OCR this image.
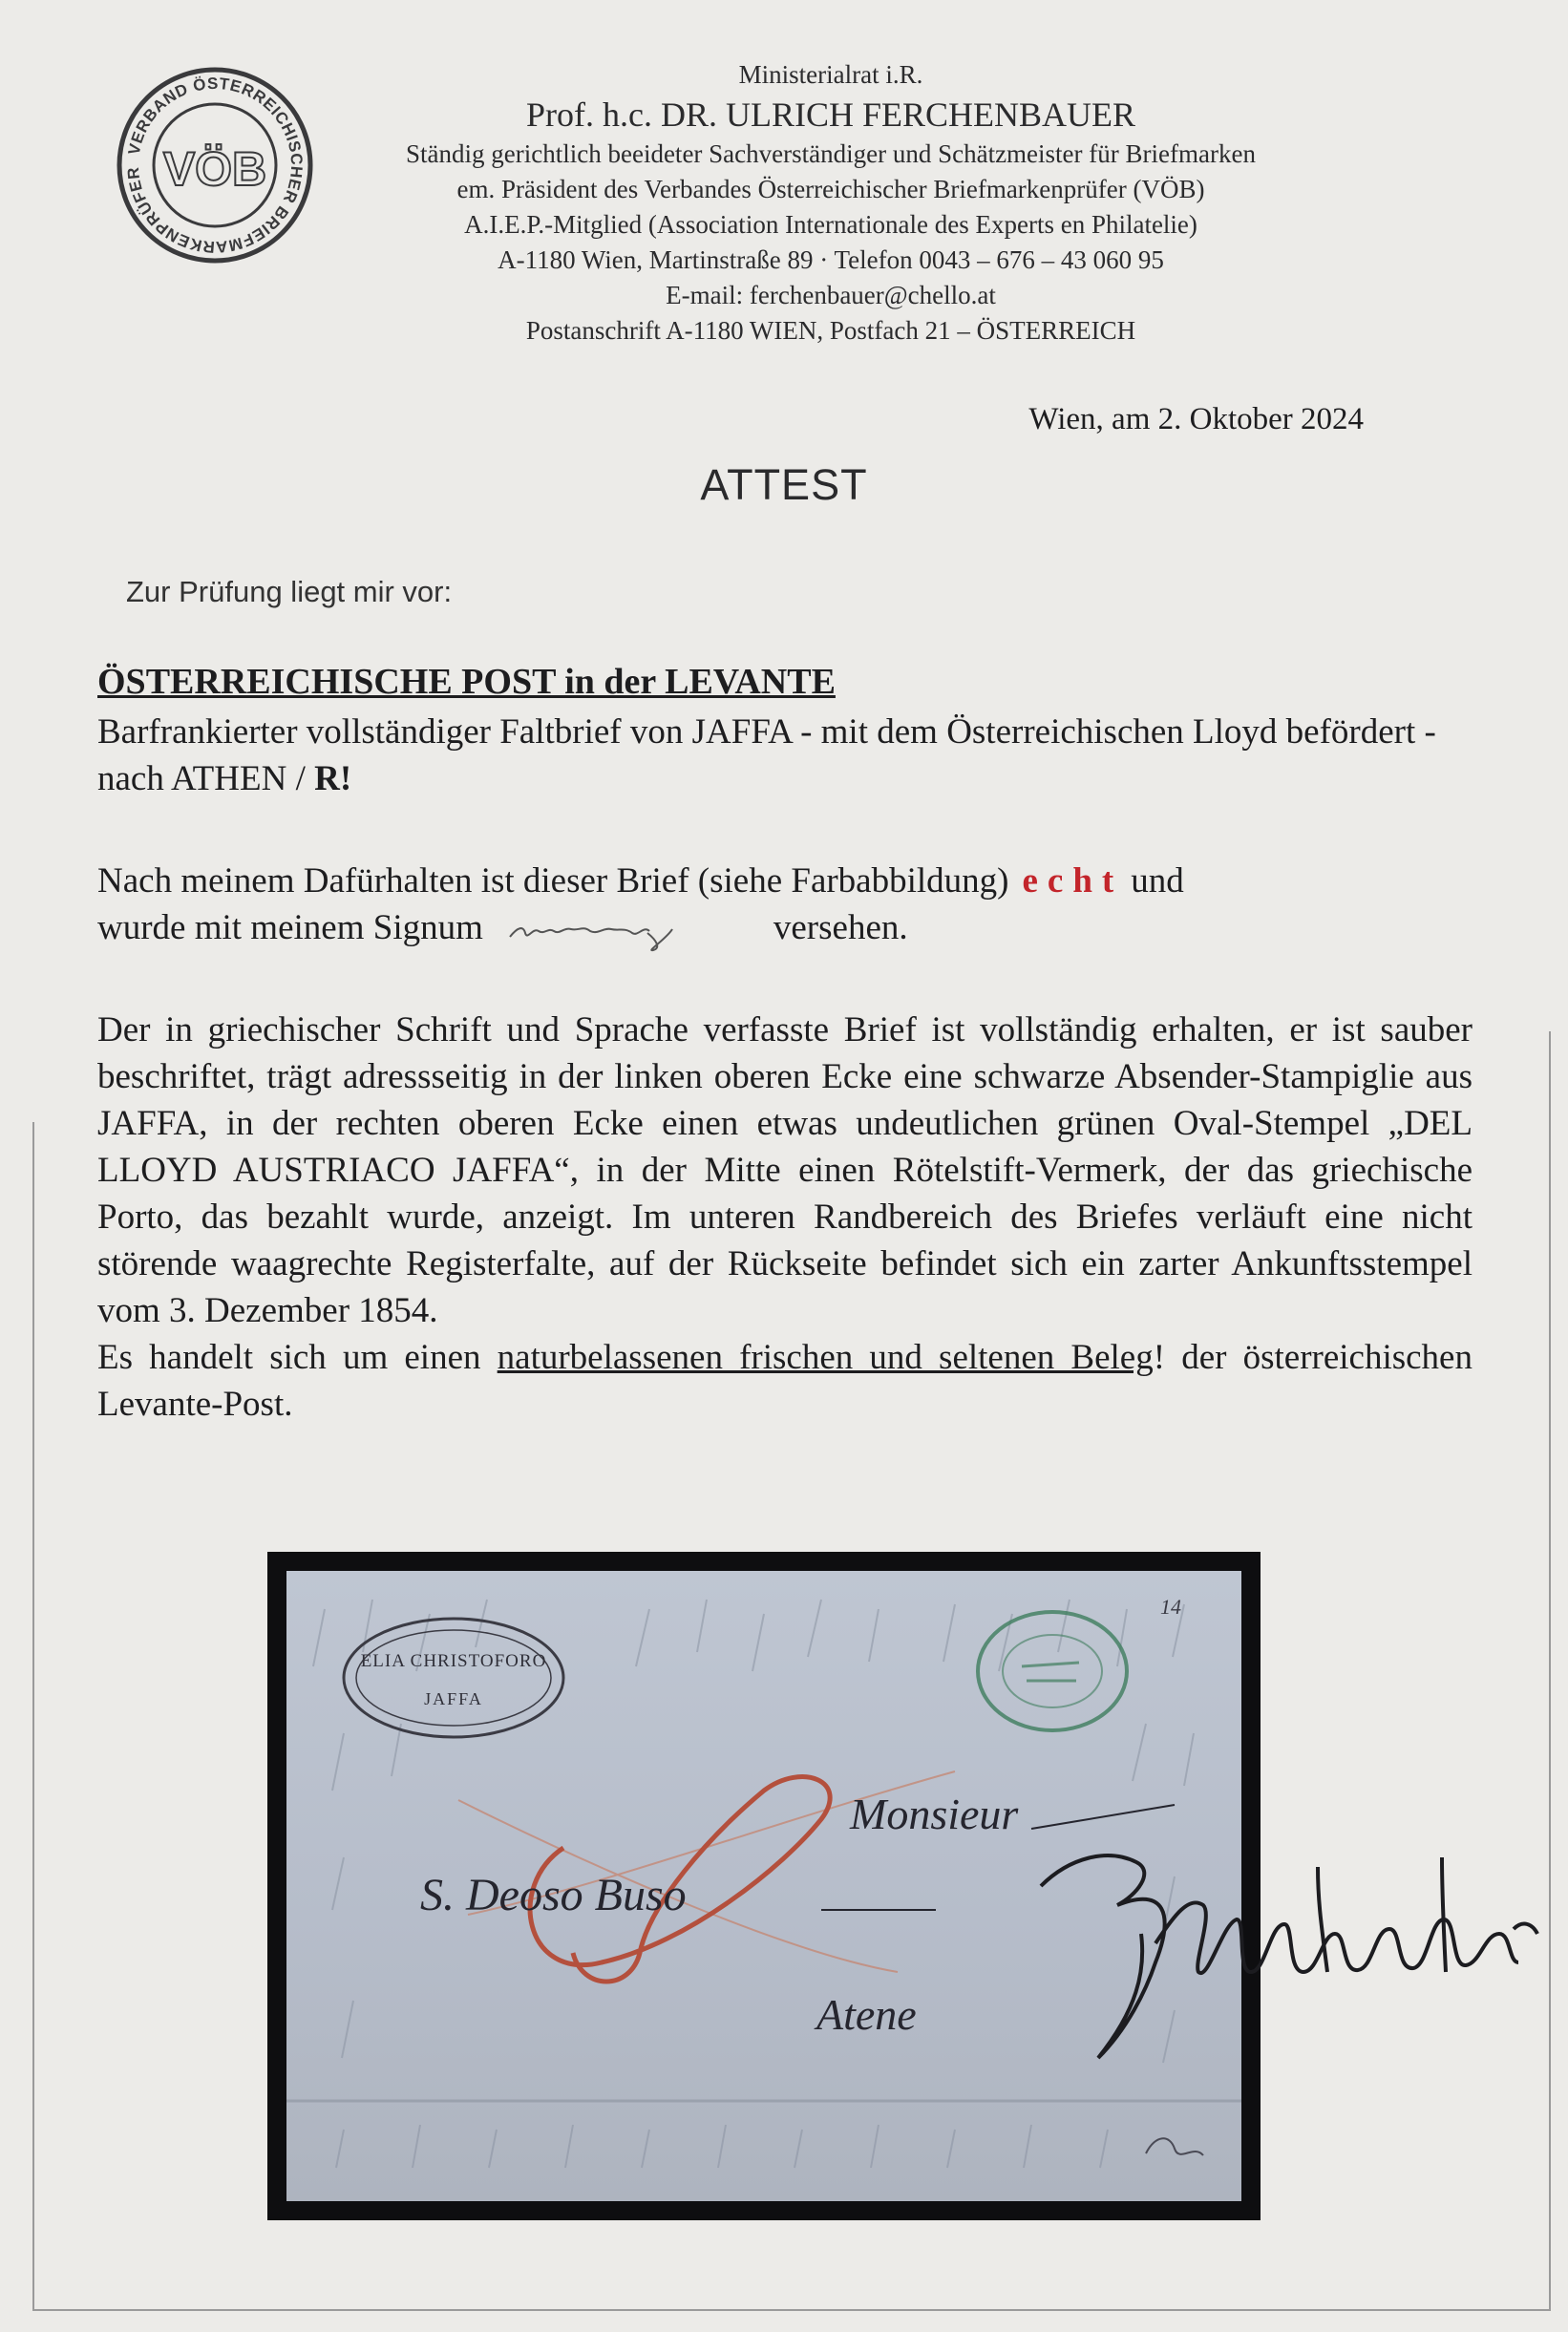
VERBAND ÖSTERREICHISCHER BRIEFMARKENPRÜFER VÖB
Ministerialrat i.R.
Prof. h.c. DR. ULRICH FERCHENBAUER
Ständig gerichtlich beeideter Sachverständiger und Schätzmeister für Briefmarken
em. Präsident des Verbandes Österreichischer Briefmarkenprüfer (VÖB)
A.I.E.P.-Mitglied (Association Internationale des Experts en Philatelie)
A-1180 Wien, Martinstraße 89 · Telefon 0043 – 676 – 43 060 95
E-mail: ferchenbauer@chello.at
Postanschrift A-1180 WIEN, Postfach 21 – ÖSTERREICH
Wien, am 2. Oktober 2024
ATTEST
Zur Prüfung liegt mir vor:
ÖSTERREICHISCHE POST in der LEVANTE
Barfrankierter vollständiger Faltbrief von JAFFA - mit dem Österreichischen Lloyd befördert - nach ATHEN / R!
Nach meinem Dafürhalten ist dieser Brief (siehe Farbabbildung) echt und
wurde mit meinem Signum	versehen.

Der in griechischer Schrift und Sprache verfasste Brief ist vollständig erhalten, er ist sauber beschriftet, trägt adressseitig in der linken oberen Ecke eine schwarze Absender-Stampiglie aus JAFFA, in der rechten oberen Ecke einen etwas undeutlichen grünen Oval-Stempel „DEL LLOYD AUSTRIACO JAFFA“, in der Mitte einen Rötelstift-Vermerk, der das griechische Porto, das bezahlt wurde, anzeigt. Im unteren Randbereich des Briefes verläuft eine nicht störende waagrechte Registerfalte, auf der Rückseite befindet sich ein zarter Ankunftsstempel vom 3. Dezember 1854.

Es handelt sich um einen naturbelassenen frischen und seltenen Beleg! der österreichischen Levante-Post.

ELIA CHRISTOFORO
JAFFA
14
Monsieur
S. Deoso Buso
Atene
